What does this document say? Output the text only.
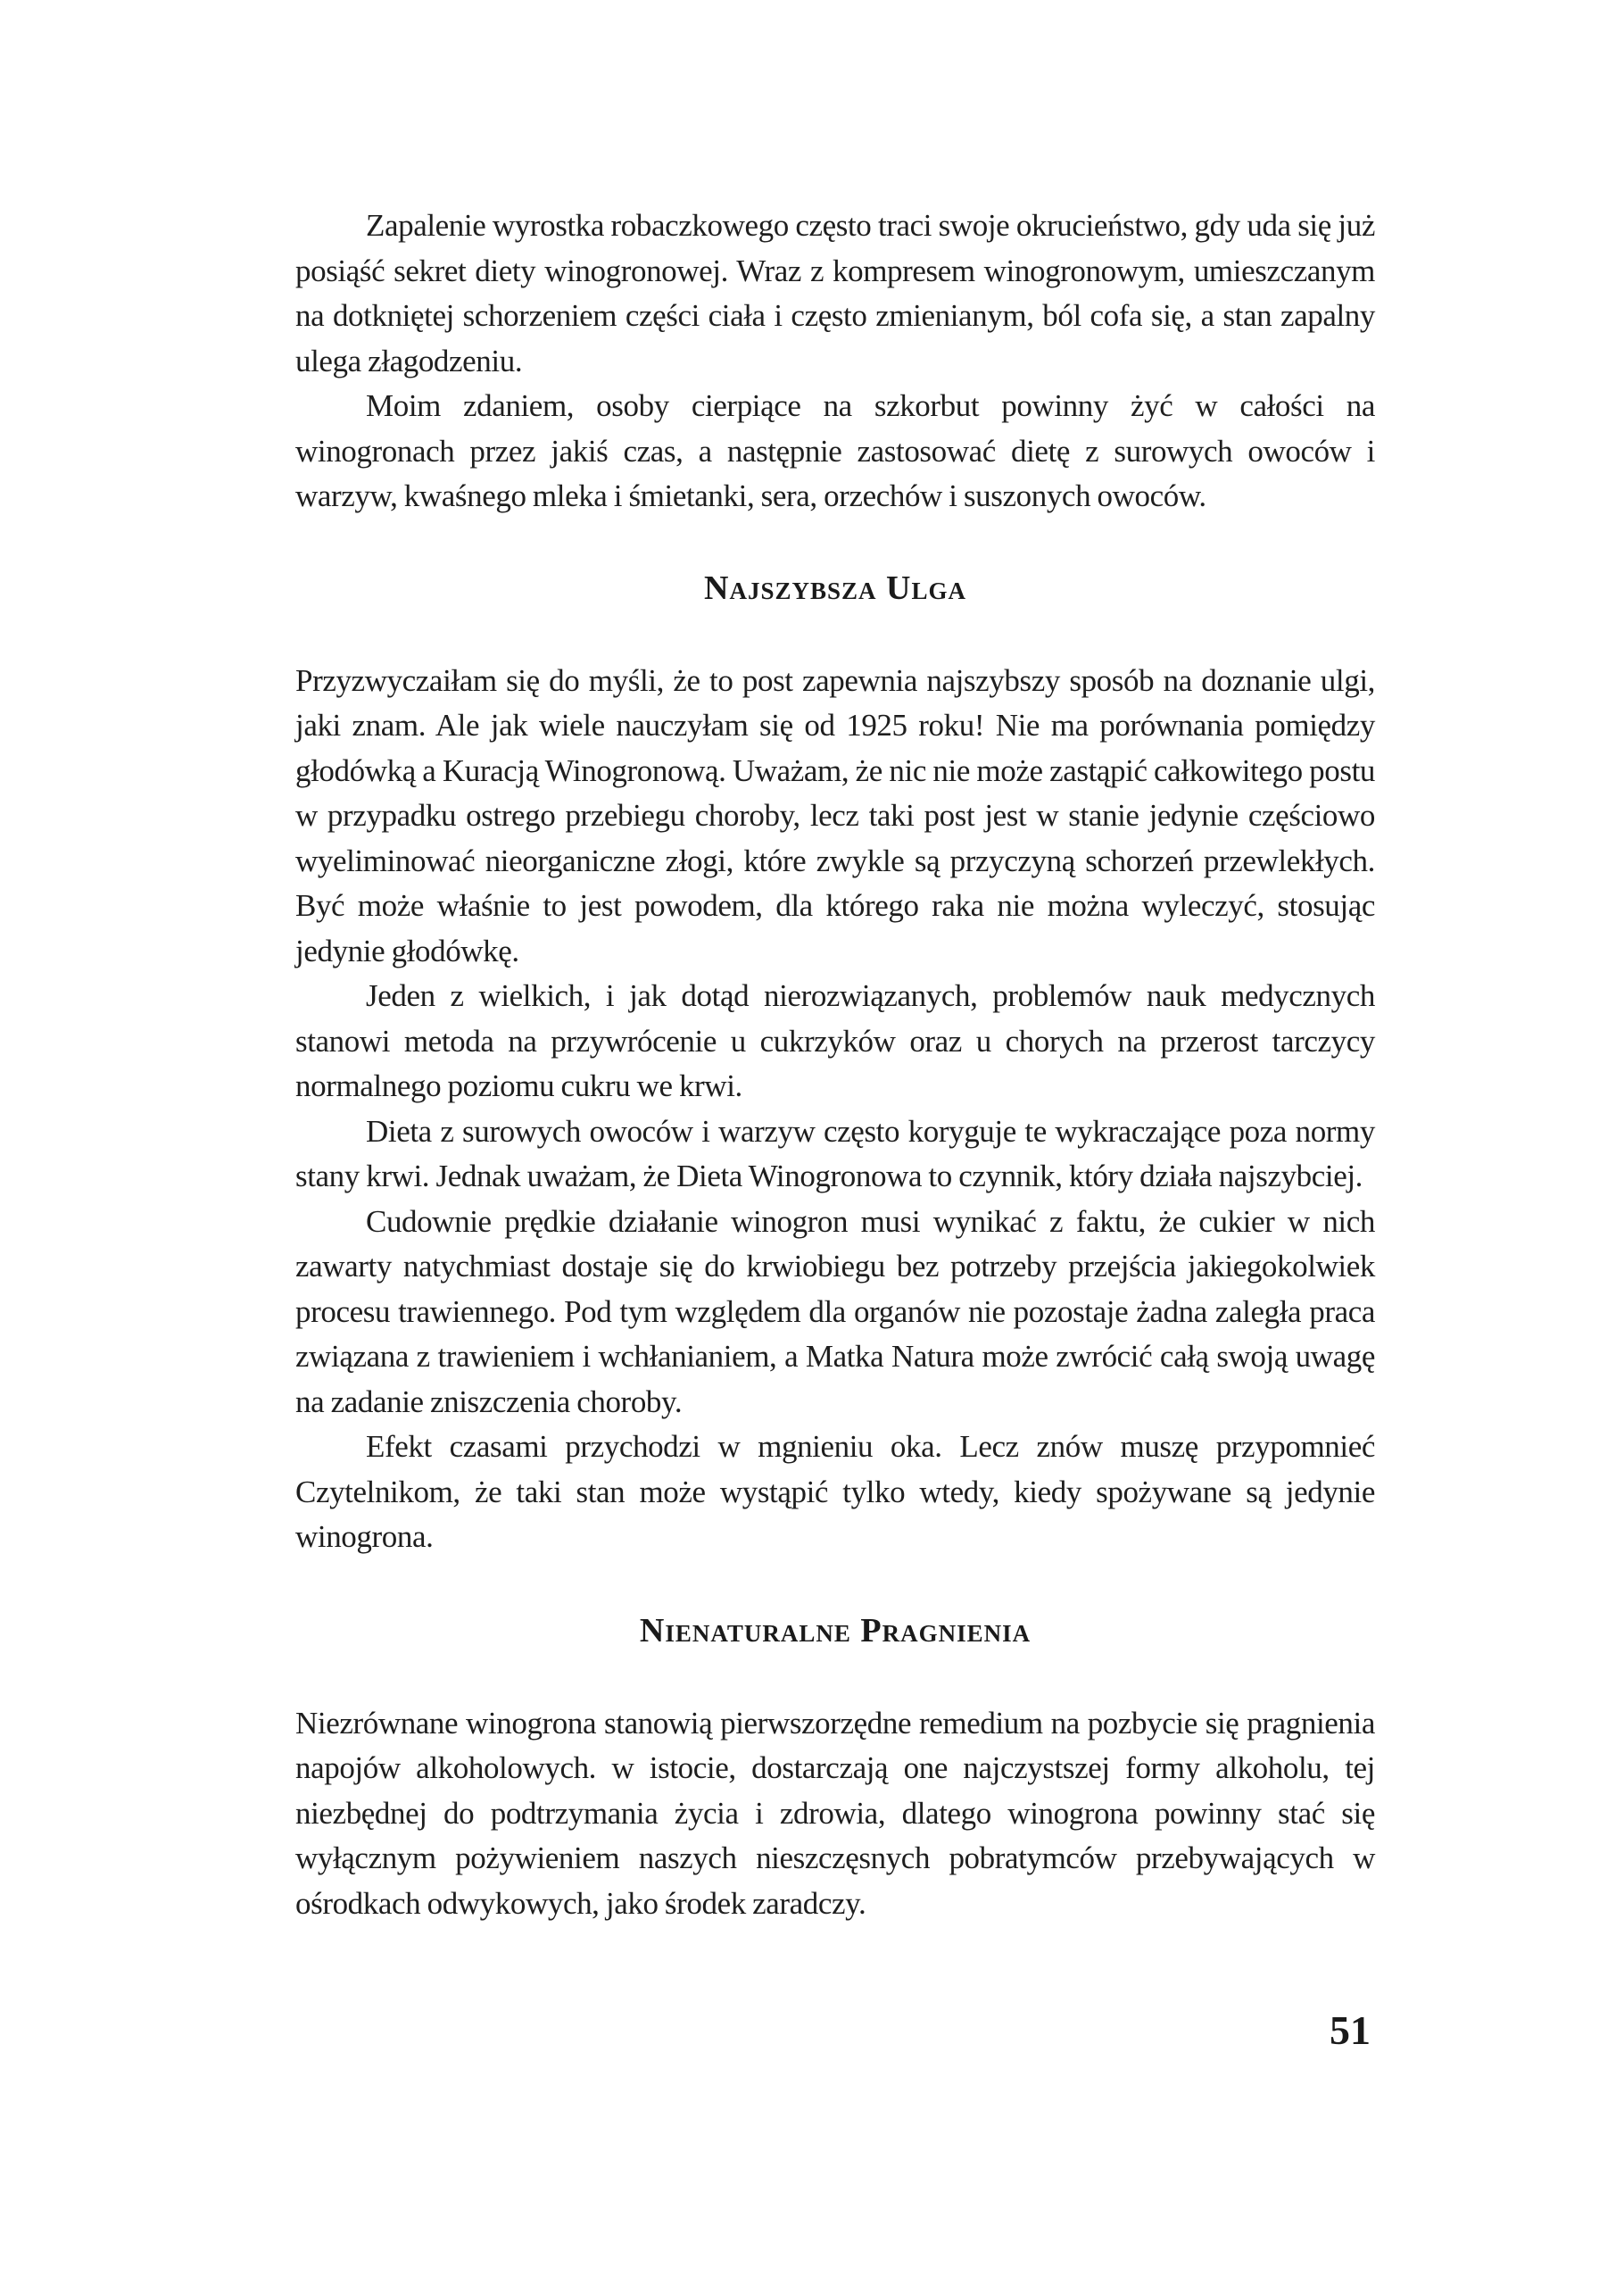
Zapalenie wyrostka robaczkowego często traci swoje okrucieństwo, gdy uda się już posiąść sekret diety winogronowej. Wraz z kompresem winogronowym, umieszczanym na dotkniętej schorzeniem części ciała i często zmienianym, ból cofa się, a stan zapalny ulega złagodzeniu.

Moim zdaniem, osoby cierpiące na szkorbut powinny żyć w całości na winogronach przez jakiś czas, a następnie zastosować dietę z surowych owoców i warzyw, kwaśnego mleka i śmietanki, sera, orzechów i suszonych owoców.

Najszybsza Ulga

Przyzwyczaiłam się do myśli, że to post zapewnia najszybszy sposób na doznanie ulgi, jaki znam. Ale jak wiele nauczyłam się od 1925 roku! Nie ma porównania pomiędzy głodówką a Kuracją Winogronową. Uważam, że nic nie może zastąpić całkowitego postu w przypadku ostrego przebiegu choroby, lecz taki post jest w stanie jedynie częściowo wyeliminować nieorganiczne złogi, które zwykle są przyczyną schorzeń przewlekłych. Być może właśnie to jest powodem, dla którego raka nie można wyleczyć, stosując jedynie głodówkę.

Jeden z wielkich, i jak dotąd nierozwiązanych, problemów nauk medycznych stanowi metoda na przywrócenie u cukrzyków oraz u chorych na przerost tarczycy normalnego poziomu cukru we krwi.

Dieta z surowych owoców i warzyw często koryguje te wykraczające poza normy stany krwi. Jednak uważam, że Dieta Winogronowa to czynnik, który działa najszybciej.

Cudownie prędkie działanie winogron musi wynikać z faktu, że cukier w nich zawarty natychmiast dostaje się do krwiobiegu bez potrzeby przejścia jakiegokolwiek procesu trawiennego. Pod tym względem dla organów nie pozostaje żadna zaległa praca związana z trawieniem i wchłanianiem, a Matka Natura może zwrócić całą swoją uwagę na zadanie zniszczenia choroby.

Efekt czasami przychodzi w mgnieniu oka. Lecz znów muszę przypomnieć Czytelnikom, że taki stan może wystąpić tylko wtedy, kiedy spożywane są jedynie winogrona.

Nienaturalne Pragnienia

Niezrównane winogrona stanowią pierwszorzędne remedium na pozbycie się pragnienia napojów alkoholowych. w istocie, dostarczają one najczystszej formy alkoholu, tej niezbędnej do podtrzymania życia i zdrowia, dlatego winogrona powinny stać się wyłącznym pożywieniem naszych nieszczęsnych pobratymców przebywających w ośrodkach odwykowych, jako środek zaradczy.

51
